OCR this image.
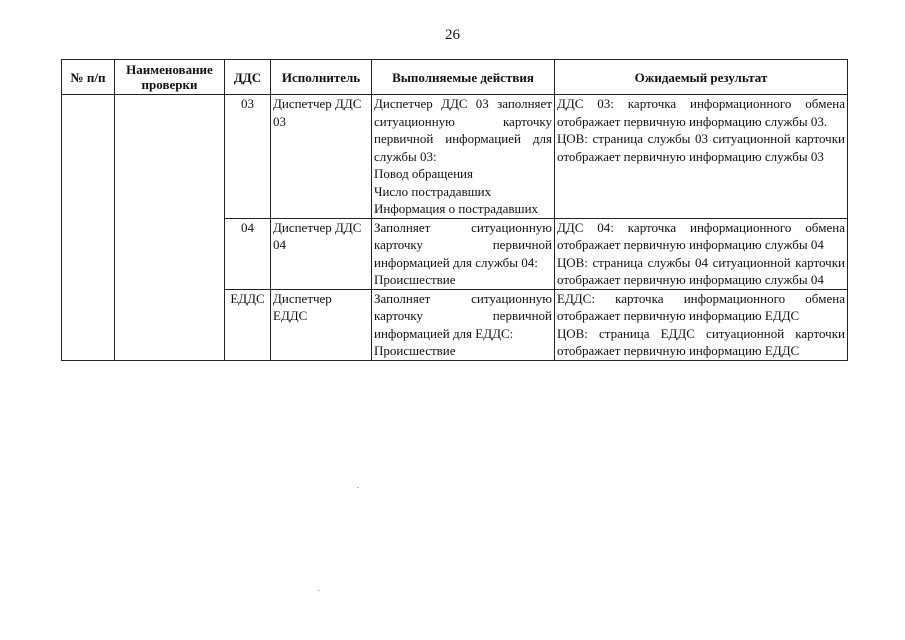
26
№ п/п	Наименование проверки	ДДС	Исполнитель	Выполняемые действия	Ожидаемый результат
		03	Диспетчер ДДС 03	Диспетчер ДДС 03 заполняет ситуационную карточку первичной информацией для службы 03:
Повод обращения
Число пострадавших
Информация о пострадавших	ДДС 03: карточка информационного обмена отображает первичную информацию службы 03.
ЦОВ: страница службы 03 ситуационной карточки отображает первичную информацию службы 03

		04	Диспетчер ДДС 04	Заполняет ситуационную карточку первичной информацией для службы 04:
Происшествие	ДДС 04: карточка информационного обмена отображает первичную информацию службы 04
ЦОВ: страница службы 04 ситуационной карточки отображает первичную информацию службы 04

		ЕДДС	Диспетчер ЕДДС	Заполняет ситуационную карточку первичной информацией для ЕДДС:
Происшествие	ЕДДС: карточка информационного обмена отображает первичную информацию ЕДДС
ЦОВ: страница ЕДДС ситуационной карточки отображает первичную информацию ЕДДС
